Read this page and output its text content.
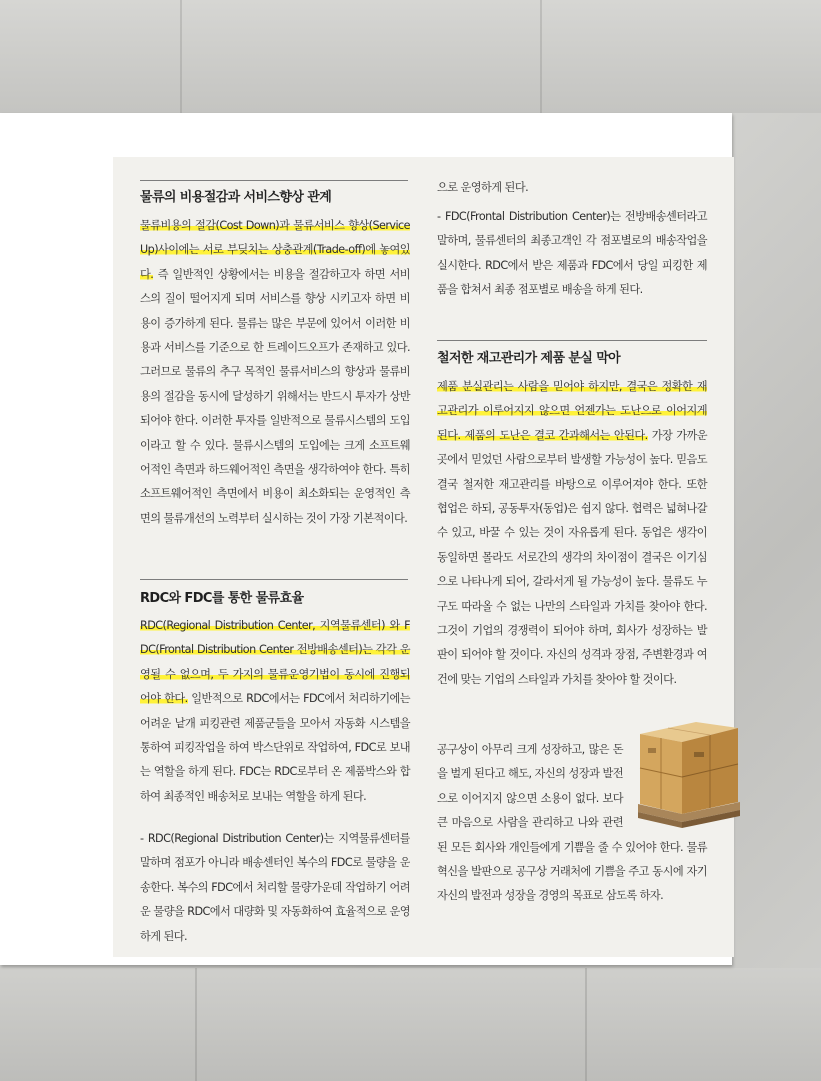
물류의 비용절감과 서비스향상 관계

물류비용의 절감(Cost Down)과 물류서비스 향상(Service Up)사이에는 서로 부딪치는 상충관계(Trade-off)에 놓여있다. 즉 일반적인 상황에서는 비용을 절감하고자 하면 서비스의 질이 떨어지게 되며 서비스를 향상 시키고자 하면 비용이 증가하게 된다. 물류는 많은 부문에 있어서 이러한 비용과 서비스를 기준으로 한 트레이드오프가 존재하고 있다. 그러므로 물류의 추구 목적인 물류서비스의 향상과 물류비용의 절감을 동시에 달성하기 위해서는 반드시 투자가 상반되어야 한다. 이러한 투자를 일반적으로 물류시스템의 도입이라고 할 수 있다. 물류시스템의 도입에는 크게 소프트웨어적인 측면과 하드웨어적인 측면을 생각하여야 한다. 특히 소프트웨어적인 측면에서 비용이 최소화되는 운영적인 측면의 물류개선의 노력부터 실시하는 것이 가장 기본적이다.

RDC와 FDC를 통한 물류효율

RDC(Regional Distribution Center, 지역물류센터) 와 FDC(Frontal Distribution Center 전방배송센터)는 각각 운영될 수 없으며, 두 가지의 물류운영기법이 동시에 진행되어야 한다. 일반적으로 RDC에서는 FDC에서 처리하기에는 어려운 낱개 피킹관련 제품군들을 모아서 자동화 시스템을 통하여 피킹작업을 하여 박스단위로 작업하여, FDC로 보내는 역할을 하게 된다. FDC는 RDC로부터 온 제품박스와 합하여 최종적인 배송처로 보내는 역할을 하게 된다.

- RDC(Regional Distribution Center)는 지역물류센터를 말하며 점포가 아니라 배송센터인 복수의 FDC로 물량을 운송한다. 복수의 FDC에서 처리할 물량가운데 작업하기 어려운 물량을 RDC에서 대량화 및 자동화하여 효율적으로 운영하게 된다.

으로 운영하게 된다.

- FDC(Frontal Distribution Center)는 전방배송센터라고 말하며, 물류센터의 최종고객인 각 점포별로의 배송작업을 실시한다. RDC에서 받은 제품과 FDC에서 당일 피킹한 제품을 합쳐서 최종 점포별로 배송을 하게 된다.

철저한 재고관리가 제품 분실 막아

제품 분실관리는 사람을 믿어야 하지만, 결국은 정확한 재고관리가 이루어지지 않으면 언젠가는 도난으로 이어지게 된다. 제품의 도난은 결코 간과해서는 안된다. 가장 가까운 곳에서 믿었던 사람으로부터 발생할 가능성이 높다. 믿음도 결국 철저한 재고관리를 바탕으로 이루어져야 한다. 또한 협업은 하되, 공동투자(동업)은 쉽지 않다. 협력은 넓혀나갈 수 있고, 바꿀 수 있는 것이 자유롭게 된다. 동업은 생각이 동일하면 몰라도 서로간의 생각의 차이점이 결국은 이기심으로 나타나게 되어, 갈라서게 될 가능성이 높다. 물류도 누구도 따라올 수 없는 나만의 스타일과 가치를 찾아야 한다. 그것이 기업의 경쟁력이 되어야 하며, 회사가 성장하는 발판이 되어야 할 것이다. 자신의 성격과 장점, 주변환경과 여건에 맞는 기업의 스타일과 가치를 찾아야 할 것이다.

공구상이 아무리 크게 성장하고, 많은 돈을 벌게 된다고 해도, 자신의 성장과 발전으로 이어지지 않으면 소용이 없다. 보다 큰 마음으로 사람을 관리하고 나와 관련된 모든 회사와 개인들에게 기쁨을 줄 수 있어야 한다. 물류 혁신을 발판으로 공구상 거래처에 기쁨을 주고 동시에 자기자신의 발전과 성장을 경영의 목표로 삼도록 하자.
